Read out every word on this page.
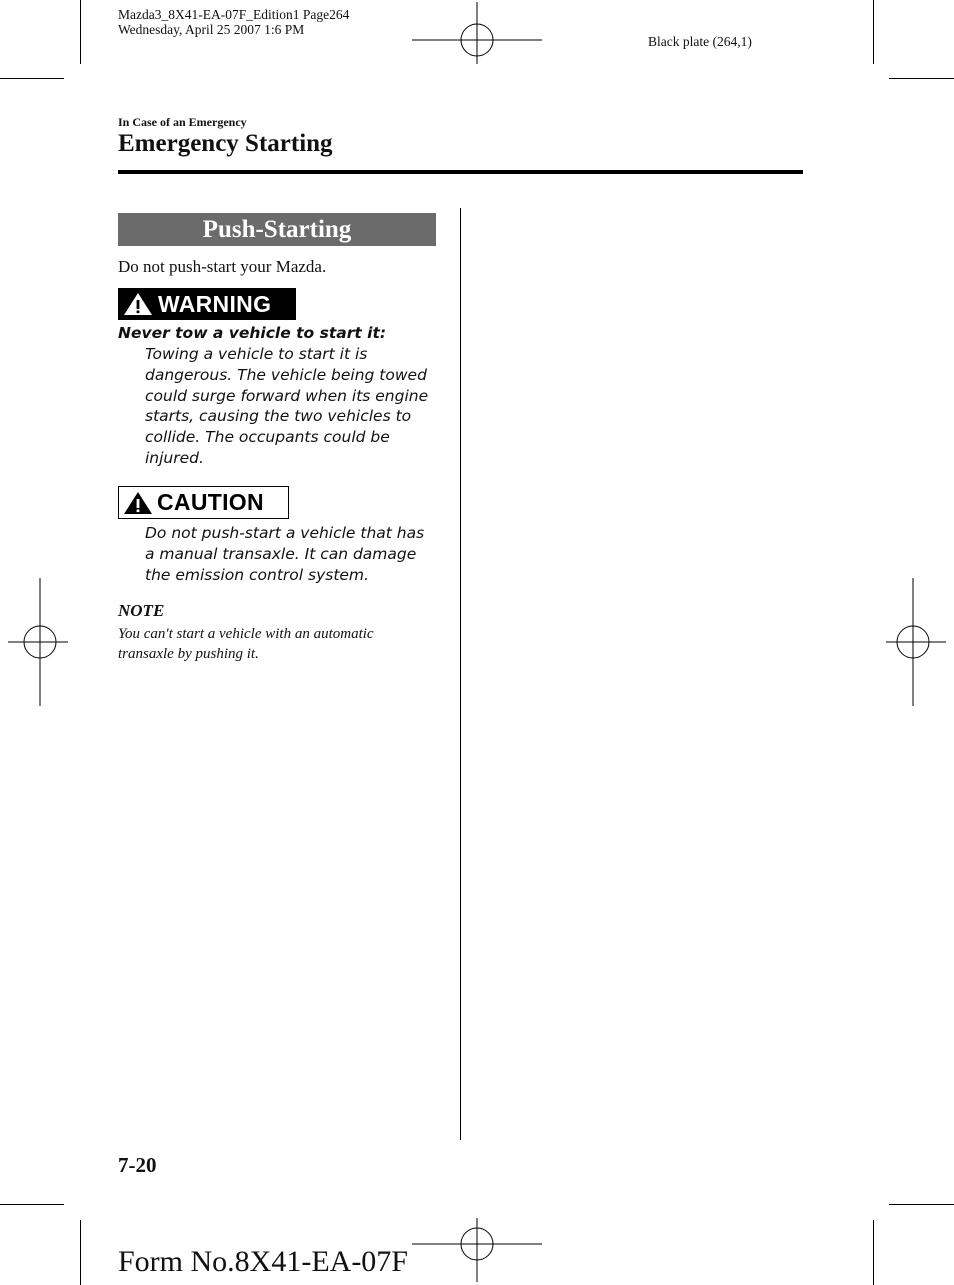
Mazda3_8X41-EA-07F_Edition1 Page264
Wednesday, April 25 2007 1:6 PM
Black plate (264,1)
In Case of an Emergency
Emergency Starting
Push-Starting
Do not push-start your Mazda.
WARNING
Never tow a vehicle to start it:
Towing a vehicle to start it is
dangerous. The vehicle being towed
could surge forward when its engine
starts, causing the two vehicles to
collide. The occupants could be
injured.
CAUTION
Do not push-start a vehicle that has
a manual transaxle. It can damage
the emission control system.
NOTE
You can't start a vehicle with an automatic
transaxle by pushing it.
7-20
Form No.8X41-EA-07F
